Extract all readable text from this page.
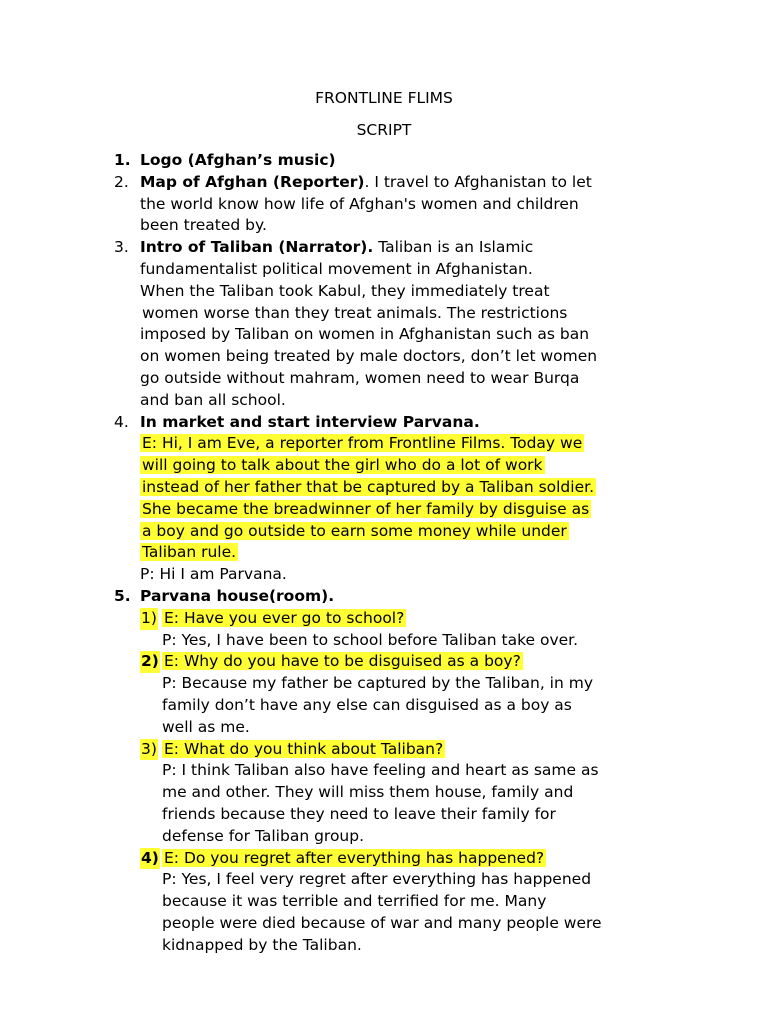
FRONTLINE FLIMS
SCRIPT
1. Logo (Afghan’s music)
2. Map of Afghan (Reporter). I travel to Afghanistan to let
the world know how life of Afghan's women and children
been treated by.
3. Intro of Taliban (Narrator). Taliban is an Islamic
fundamentalist political movement in Afghanistan.
When the Taliban took Kabul, they immediately treat
women worse than they treat animals. The restrictions
imposed by Taliban on women in Afghanistan such as ban
on women being treated by male doctors, don’t let women
go outside without mahram, women need to wear Burqa
and ban all school.
4. In market and start interview Parvana.
E: Hi, I am Eve, a reporter from Frontline Films. Today we
will going to talk about the girl who do a lot of work
instead of her father that be captured by a Taliban soldier.
She became the breadwinner of her family by disguise as
a boy and go outside to earn some money while under
Taliban rule.
P: Hi I am Parvana.
5. Parvana house(room).
1) E: Have you ever go to school?
P: Yes, I have been to school before Taliban take over.
2) E: Why do you have to be disguised as a boy?
P: Because my father be captured by the Taliban, in my
family don’t have any else can disguised as a boy as
well as me.
3) E: What do you think about Taliban?
P: I think Taliban also have feeling and heart as same as
me and other. They will miss them house, family and
friends because they need to leave their family for
defense for Taliban group.
4) E: Do you regret after everything has happened?
P: Yes, I feel very regret after everything has happened
because it was terrible and terrified for me. Many
people were died because of war and many people were
kidnapped by the Taliban.
